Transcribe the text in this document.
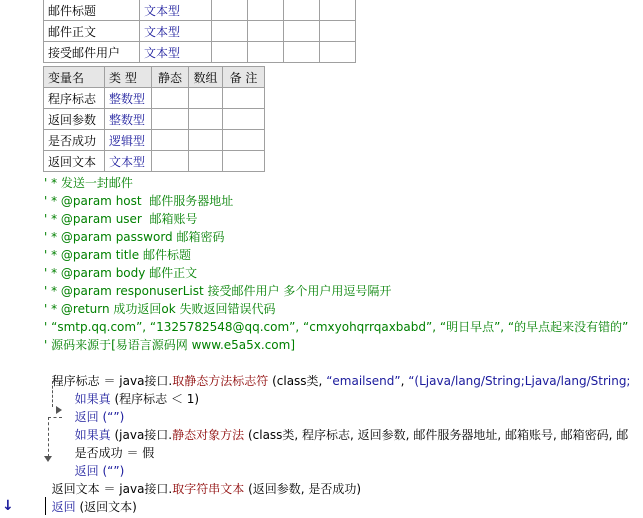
邮件标题	文本型				
邮件正文	文本型				
接受邮件用户	文本型				
变量名	类 型	静态	数组	备 注
程序标志	整数型			
返回参数	整数型			
是否成功	逻辑型			
返回文本	文本型			
' * 发送一封邮件
' * @param host  邮件服务器地址
' * @param user  邮箱账号
' * @param password 邮箱密码
' * @param title 邮件标题
' * @param body 邮件正文
' * @param responuserList 接受邮件用户 多个用户用逗号隔开
' * @return 成功返回ok 失败返回错误代码
' “smtp.qq.com”, “1325782548@qq.com”, “cmxyohqrrqaxbabd”, “明日早点”, “的早点起来没有错的”
' 源码来源于[易语言源码网 www.e5a5x.com]

程序标志 ＝ java接口.取静态方法标志符 (class类, “emailsend”, “(Ljava/lang/String;Ljava/lang/String;

如果真 (程序标志 ＜ 1)

返回 (“”)

如果真 (java接口.静态对象方法 (class类, 程序标志, 返回参数, 邮件服务器地址, 邮箱账号, 邮箱密码, 邮

是否成功 ＝ 假

返回 (“”)

返回文本 ＝ java接口.取字符串文本 (返回参数, 是否成功)

返回 (返回文本)

↓
